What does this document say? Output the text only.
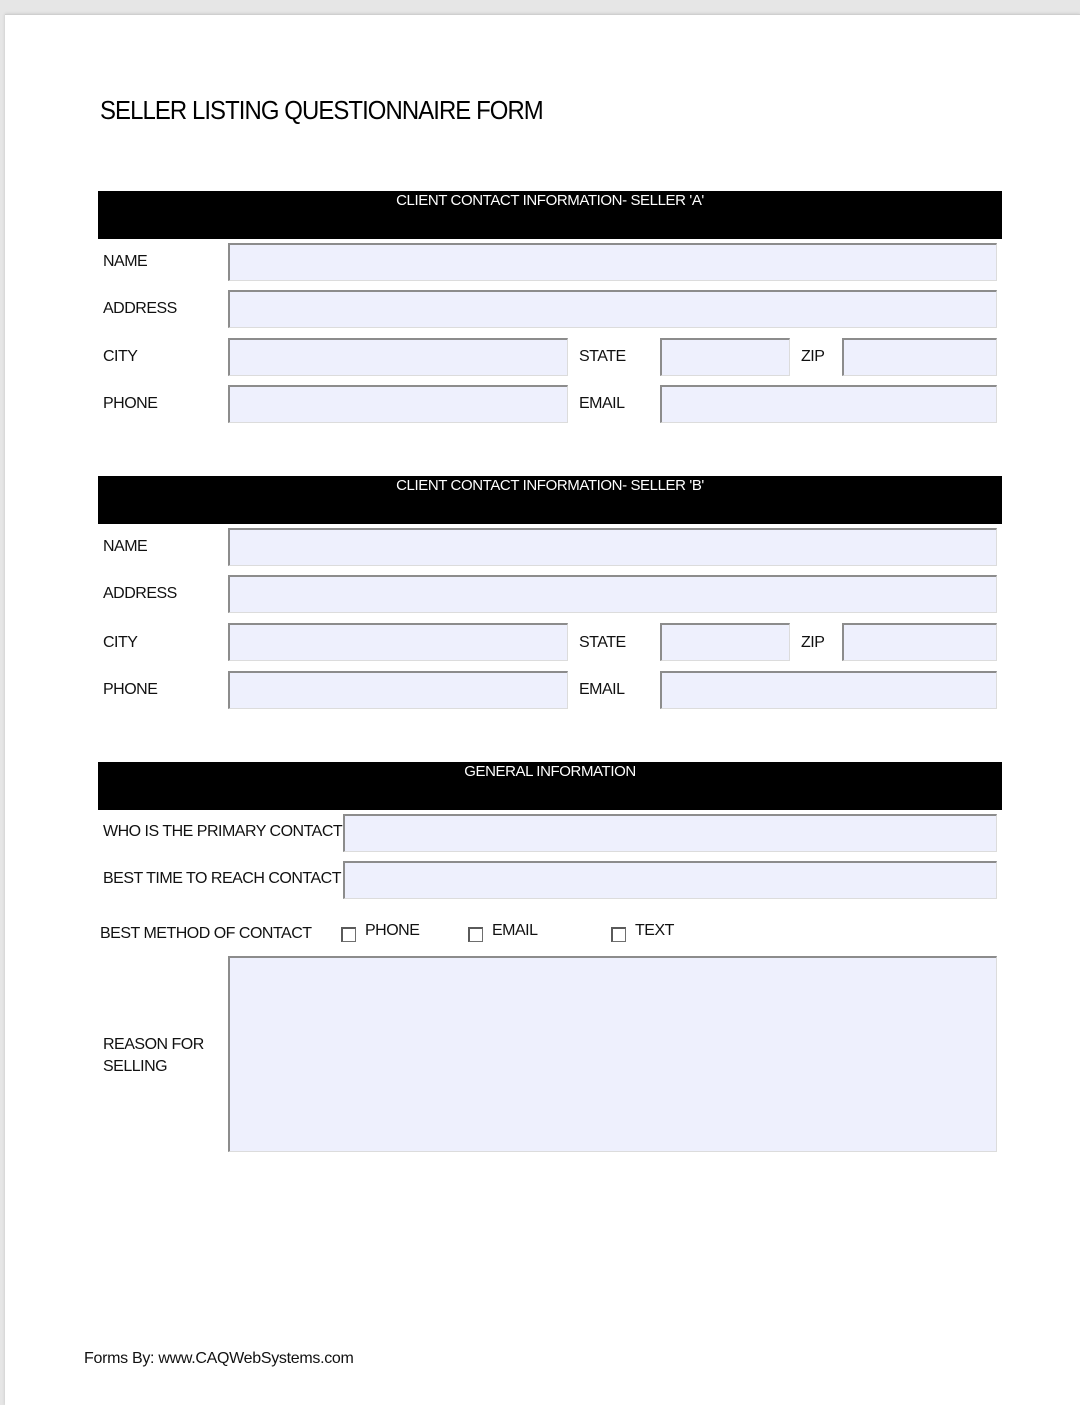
SELLER LISTING QUESTIONNAIRE FORM
CLIENT CONTACT INFORMATION- SELLER 'A'
NAME
ADDRESS
CITY	STATE	ZIP
PHONE	EMAIL
CLIENT CONTACT INFORMATION- SELLER 'B'
NAME
ADDRESS
CITY	STATE	ZIP
PHONE	EMAIL
GENERAL INFORMATION
WHO IS THE PRIMARY CONTACT
BEST TIME TO REACH CONTACT
BEST METHOD OF CONTACT	PHONE	EMAIL	TEXT
REASON FOR SELLING
Forms By: www.CAQWebSystems.com
